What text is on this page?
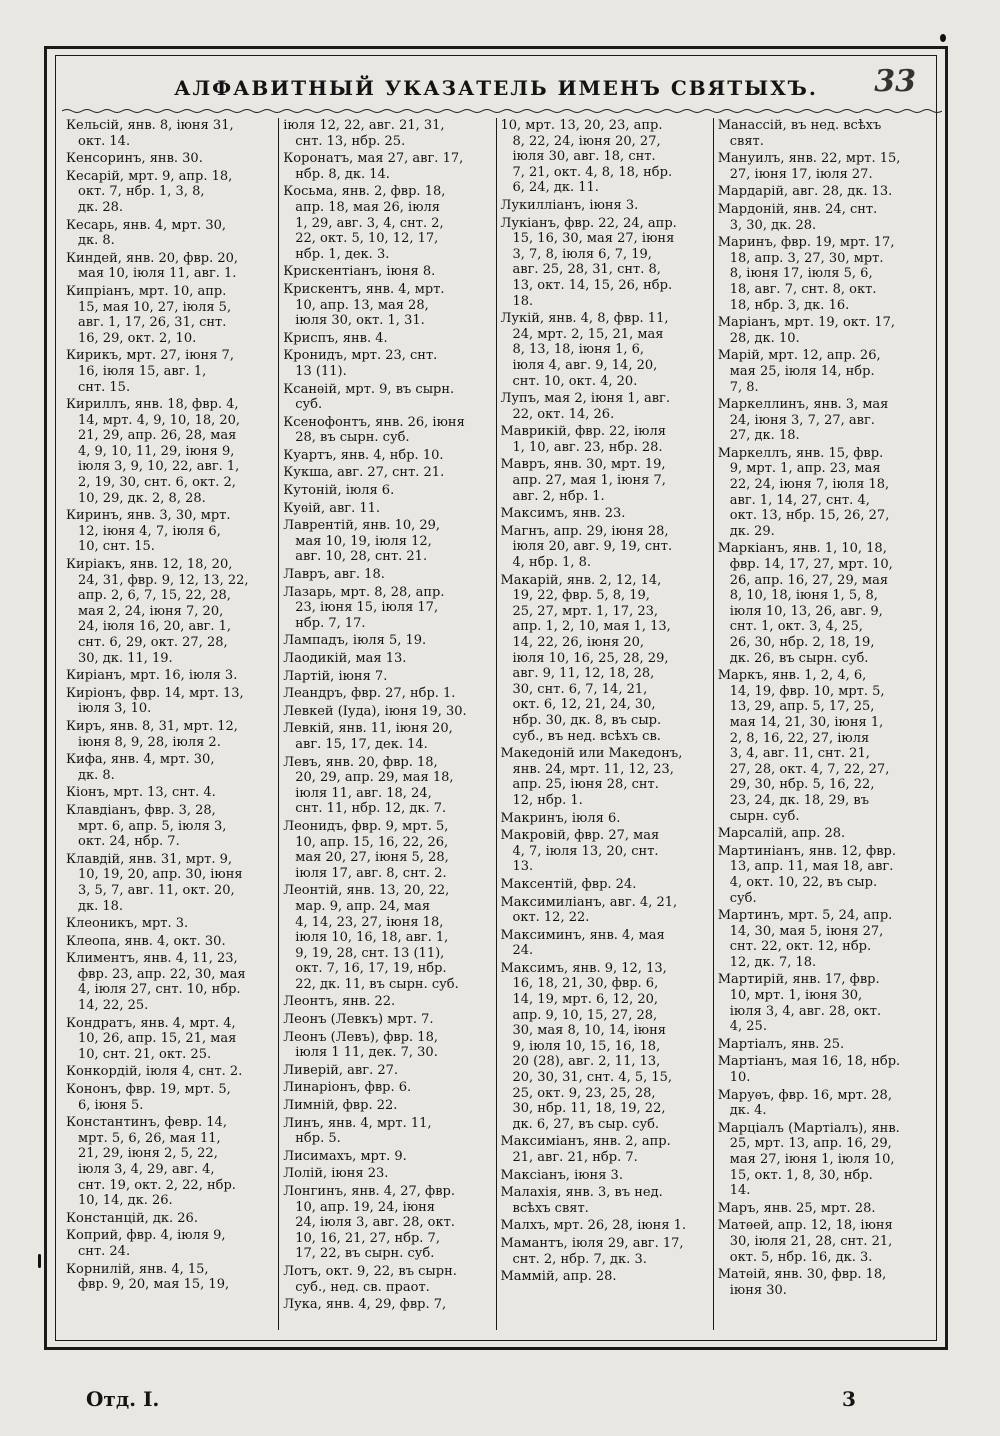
АЛФАВИТНЫЙ УКАЗАТЕЛЬ ИМЕНЪ СВЯТЫХЪ.	33
Кельсій, янв. 8, іюня 31,
окт. 14.
Кенсоринъ, янв. 30.
Кесарій, мрт. 9, апр. 18,
окт. 7, нбр. 1, 3, 8,
дк. 28.
Кесарь, янв. 4, мрт. 30,
дк. 8.
Киндей, янв. 20, фвр. 20,
мая 10, іюля 11, авг. 1.
Кипріанъ, мрт. 10, апр.
15, мая 10, 27, іюля 5,
авг. 1, 17, 26, 31, снт.
16, 29, окт. 2, 10.
Кирикъ, мрт. 27, іюня 7,
16, іюля 15, авг. 1,
снт. 15.
Кириллъ, янв. 18, фвр. 4,
14, мрт. 4, 9, 10, 18, 20,
21, 29, апр. 26, 28, мая
4, 9, 10, 11, 29, іюня 9,
іюля 3, 9, 10, 22, авг. 1,
2, 19, 30, снт. 6, окт. 2,
10, 29, дк. 2, 8, 28.
Киринъ, янв. 3, 30, мрт.
12, іюня 4, 7, іюля 6,
10, снт. 15.
Киріакъ, янв. 12, 18, 20,
24, 31, фвр. 9, 12, 13, 22,
апр. 2, 6, 7, 15, 22, 28,
мая 2, 24, іюня 7, 20,
24, іюля 16, 20, авг. 1,
снт. 6, 29, окт. 27, 28,
30, дк. 11, 19.
Киріанъ, мрт. 16, іюля 3.
Киріонъ, фвр. 14, мрт. 13,
іюля 3, 10.
Киръ, янв. 8, 31, мрт. 12,
іюня 8, 9, 28, іюля 2.
Кифа, янв. 4, мрт. 30,
дк. 8.
Кіонъ, мрт. 13, снт. 4.
Клавдіанъ, фвр. 3, 28,
мрт. 6, апр. 5, іюля 3,
окт. 24, нбр. 7.
Клавдій, янв. 31, мрт. 9,
10, 19, 20, апр. 30, іюня
3, 5, 7, авг. 11, окт. 20,
дк. 18.
Клеоникъ, мрт. 3.
Клеопа, янв. 4, окт. 30.
Климентъ, янв. 4, 11, 23,
фвр. 23, апр. 22, 30, мая
4, іюля 27, снт. 10, нбр.
14, 22, 25.
Кондратъ, янв. 4, мрт. 4,
10, 26, апр. 15, 21, мая
10, снт. 21, окт. 25.
Конкордій, іюля 4, снт. 2.
Кононъ, фвр. 19, мрт. 5,
6, іюня 5.
Константинъ, февр. 14,
мрт. 5, 6, 26, мая 11,
21, 29, іюня 2, 5, 22,
іюля 3, 4, 29, авг. 4,
снт. 19, окт. 2, 22, нбр.
10, 14, дк. 26.
Констанцій, дк. 26.
Коприй, фвр. 4, іюля 9,
снт. 24.
Корнилій, янв. 4, 15,
фвр. 9, 20, мая 15, 19,
іюля 12, 22, авг. 21, 31,
снт. 13, нбр. 25.
Коронатъ, мая 27, авг. 17,
нбр. 8, дк. 14.
Косьма, янв. 2, фвр. 18,
апр. 18, мая 26, іюля
1, 29, авг. 3, 4, снт. 2,
22, окт. 5, 10, 12, 17,
нбр. 1, дек. 3.
Крискентіанъ, іюня 8.
Крискентъ, янв. 4, мрт.
10, апр. 13, мая 28,
іюля 30, окт. 1, 31.
Криспъ, янв. 4.
Кронидъ, мрт. 23, снт.
13 (11).
Ксанѳій, мрт. 9, въ сырн.
суб.
Ксенофонтъ, янв. 26, іюня
28, въ сырн. суб.
Куартъ, янв. 4, нбр. 10.
Кукша, авг. 27, снт. 21.
Кутоній, іюля 6.
Куѳій, авг. 11.
Лаврентій, янв. 10, 29,
мая 10, 19, іюля 12,
авг. 10, 28, снт. 21.
Лавръ, авг. 18.
Лазарь, мрт. 8, 28, апр.
23, іюня 15, іюля 17,
нбр. 7, 17.
Лампадъ, іюля 5, 19.
Лаодикій, мая 13.
Лартій, іюня 7.
Леандръ, фвр. 27, нбр. 1.
Левкей (Іуда), іюня 19, 30.
Левкій, янв. 11, іюня 20,
авг. 15, 17, дек. 14.
Левъ, янв. 20, фвр. 18,
20, 29, апр. 29, мая 18,
іюля 11, авг. 18, 24,
снт. 11, нбр. 12, дк. 7.
Леонидъ, фвр. 9, мрт. 5,
10, апр. 15, 16, 22, 26,
мая 20, 27, іюня 5, 28,
іюля 17, авг. 8, снт. 2.
Леонтій, янв. 13, 20, 22,
мар. 9, апр. 24, мая
4, 14, 23, 27, іюня 18,
іюля 10, 16, 18, авг. 1,
9, 19, 28, снт. 13 (11),
окт. 7, 16, 17, 19, нбр.
22, дк. 11, въ сырн. суб.
Леонтъ, янв. 22.
Леонъ (Левкъ) мрт. 7.
Леонъ (Левъ), фвр. 18,
іюля 1 11, дек. 7, 30.
Ливерій, авг. 27.
Линаріонъ, фвр. 6.
Лимній, фвр. 22.
Линъ, янв. 4, мрт. 11,
нбр. 5.
Лисимахъ, мрт. 9.
Лолій, іюня 23.
Лонгинъ, янв. 4, 27, фвр.
10, апр. 19, 24, іюня
24, іюля 3, авг. 28, окт.
10, 16, 21, 27, нбр. 7,
17, 22, въ сырн. суб.
Лотъ, окт. 9, 22, въ сырн.
суб., нед. св. праот.
Лука, янв. 4, 29, фвр. 7,
10, мрт. 13, 20, 23, апр.
8, 22, 24, іюня 20, 27,
іюля 30, авг. 18, снт.
7, 21, окт. 4, 8, 18, нбр.
6, 24, дк. 11.
Лукилліанъ, іюня 3.
Лукіанъ, фвр. 22, 24, апр.
15, 16, 30, мая 27, іюня
3, 7, 8, іюля 6, 7, 19,
авг. 25, 28, 31, снт. 8,
13, окт. 14, 15, 26, нбр.
18.
Лукій, янв. 4, 8, фвр. 11,
24, мрт. 2, 15, 21, мая
8, 13, 18, іюня 1, 6,
іюля 4, авг. 9, 14, 20,
снт. 10, окт. 4, 20.
Лупъ, мая 2, іюня 1, авг.
22, окт. 14, 26.
Маврикій, фвр. 22, іюля
1, 10, авг. 23, нбр. 28.
Мавръ, янв. 30, мрт. 19,
апр. 27, мая 1, іюня 7,
авг. 2, нбр. 1.
Максимъ, янв. 23.
Магнъ, апр. 29, іюня 28,
іюля 20, авг. 9, 19, снт.
4, нбр. 1, 8.
Макарій, янв. 2, 12, 14,
19, 22, фвр. 5, 8, 19,
25, 27, мрт. 1, 17, 23,
апр. 1, 2, 10, мая 1, 13,
14, 22, 26, іюня 20,
іюля 10, 16, 25, 28, 29,
авг. 9, 11, 12, 18, 28,
30, снт. 6, 7, 14, 21,
окт. 6, 12, 21, 24, 30,
нбр. 30, дк. 8, въ сыр.
суб., въ нед. всѣхъ св.
Македоній или Македонъ,
янв. 24, мрт. 11, 12, 23,
апр. 25, іюня 28, снт.
12, нбр. 1.
Макринъ, іюля 6.
Макровій, фвр. 27, мая
4, 7, іюля 13, 20, снт.
13.
Максентій, фвр. 24.
Максимиліанъ, авг. 4, 21,
окт. 12, 22.
Максиминъ, янв. 4, мая
24.
Максимъ, янв. 9, 12, 13,
16, 18, 21, 30, фвр. 6,
14, 19, мрт. 6, 12, 20,
апр. 9, 10, 15, 27, 28,
30, мая 8, 10, 14, іюня
9, іюля 10, 15, 16, 18,
20 (28), авг. 2, 11, 13,
20, 30, 31, снт. 4, 5, 15,
25, окт. 9, 23, 25, 28,
30, нбр. 11, 18, 19, 22,
дк. 6, 27, въ сыр. суб.
Максиміанъ, янв. 2, апр.
21, авг. 21, нбр. 7.
Максіанъ, іюня 3.
Малахія, янв. 3, въ нед.
всѣхъ свят.
Малхъ, мрт. 26, 28, іюня 1.
Мамантъ, іюля 29, авг. 17,
снт. 2, нбр. 7, дк. 3.
Маммій, апр. 28.
Манассій, въ нед. всѣхъ
свят.
Мануилъ, янв. 22, мрт. 15,
27, іюня 17, іюля 27.
Мардарій, авг. 28, дк. 13.
Мардоній, янв. 24, снт.
3, 30, дк. 28.
Маринъ, фвр. 19, мрт. 17,
18, апр. 3, 27, 30, мрт.
8, іюня 17, іюля 5, 6,
18, авг. 7, снт. 8, окт.
18, нбр. 3, дк. 16.
Маріанъ, мрт. 19, окт. 17,
28, дк. 10.
Марій, мрт. 12, апр. 26,
мая 25, іюля 14, нбр.
7, 8.
Маркеллинъ, янв. 3, мая
24, іюня 3, 7, 27, авг.
27, дк. 18.
Маркеллъ, янв. 15, фвр.
9, мрт. 1, апр. 23, мая
22, 24, іюня 7, іюля 18,
авг. 1, 14, 27, снт. 4,
окт. 13, нбр. 15, 26, 27,
дк. 29.
Маркіанъ, янв. 1, 10, 18,
фвр. 14, 17, 27, мрт. 10,
26, апр. 16, 27, 29, мая
8, 10, 18, іюня 1, 5, 8,
іюля 10, 13, 26, авг. 9,
снт. 1, окт. 3, 4, 25,
26, 30, нбр. 2, 18, 19,
дк. 26, въ сырн. суб.
Маркъ, янв. 1, 2, 4, 6,
14, 19, фвр. 10, мрт. 5,
13, 29, апр. 5, 17, 25,
мая 14, 21, 30, іюня 1,
2, 8, 16, 22, 27, іюля
3, 4, авг. 11, снт. 21,
27, 28, окт. 4, 7, 22, 27,
29, 30, нбр. 5, 16, 22,
23, 24, дк. 18, 29, въ
сырн. суб.
Марсалій, апр. 28.
Мартиніанъ, янв. 12, фвр.
13, апр. 11, мая 18, авг.
4, окт. 10, 22, въ сыр.
суб.
Мартинъ, мрт. 5, 24, апр.
14, 30, мая 5, іюня 27,
снт. 22, окт. 12, нбр.
12, дк. 7, 18.
Мартирій, янв. 17, фвр.
10, мрт. 1, іюня 30,
іюля 3, 4, авг. 28, окт.
4, 25.
Мартіалъ, янв. 25.
Мартіанъ, мая 16, 18, нбр.
10.
Маруѳъ, фвр. 16, мрт. 28,
дк. 4.
Марціалъ (Мартіалъ), янв.
25, мрт. 13, апр. 16, 29,
мая 27, іюня 1, іюля 10,
15, окт. 1, 8, 30, нбр.
14.
Маръ, янв. 25, мрт. 28.
Матѳей, апр. 12, 18, іюня
30, іюля 21, 28, снт. 21,
окт. 5, нбр. 16, дк. 3.
Матѳій, янв. 30, фвр. 18,
іюня 30.
Отд. I.	3
